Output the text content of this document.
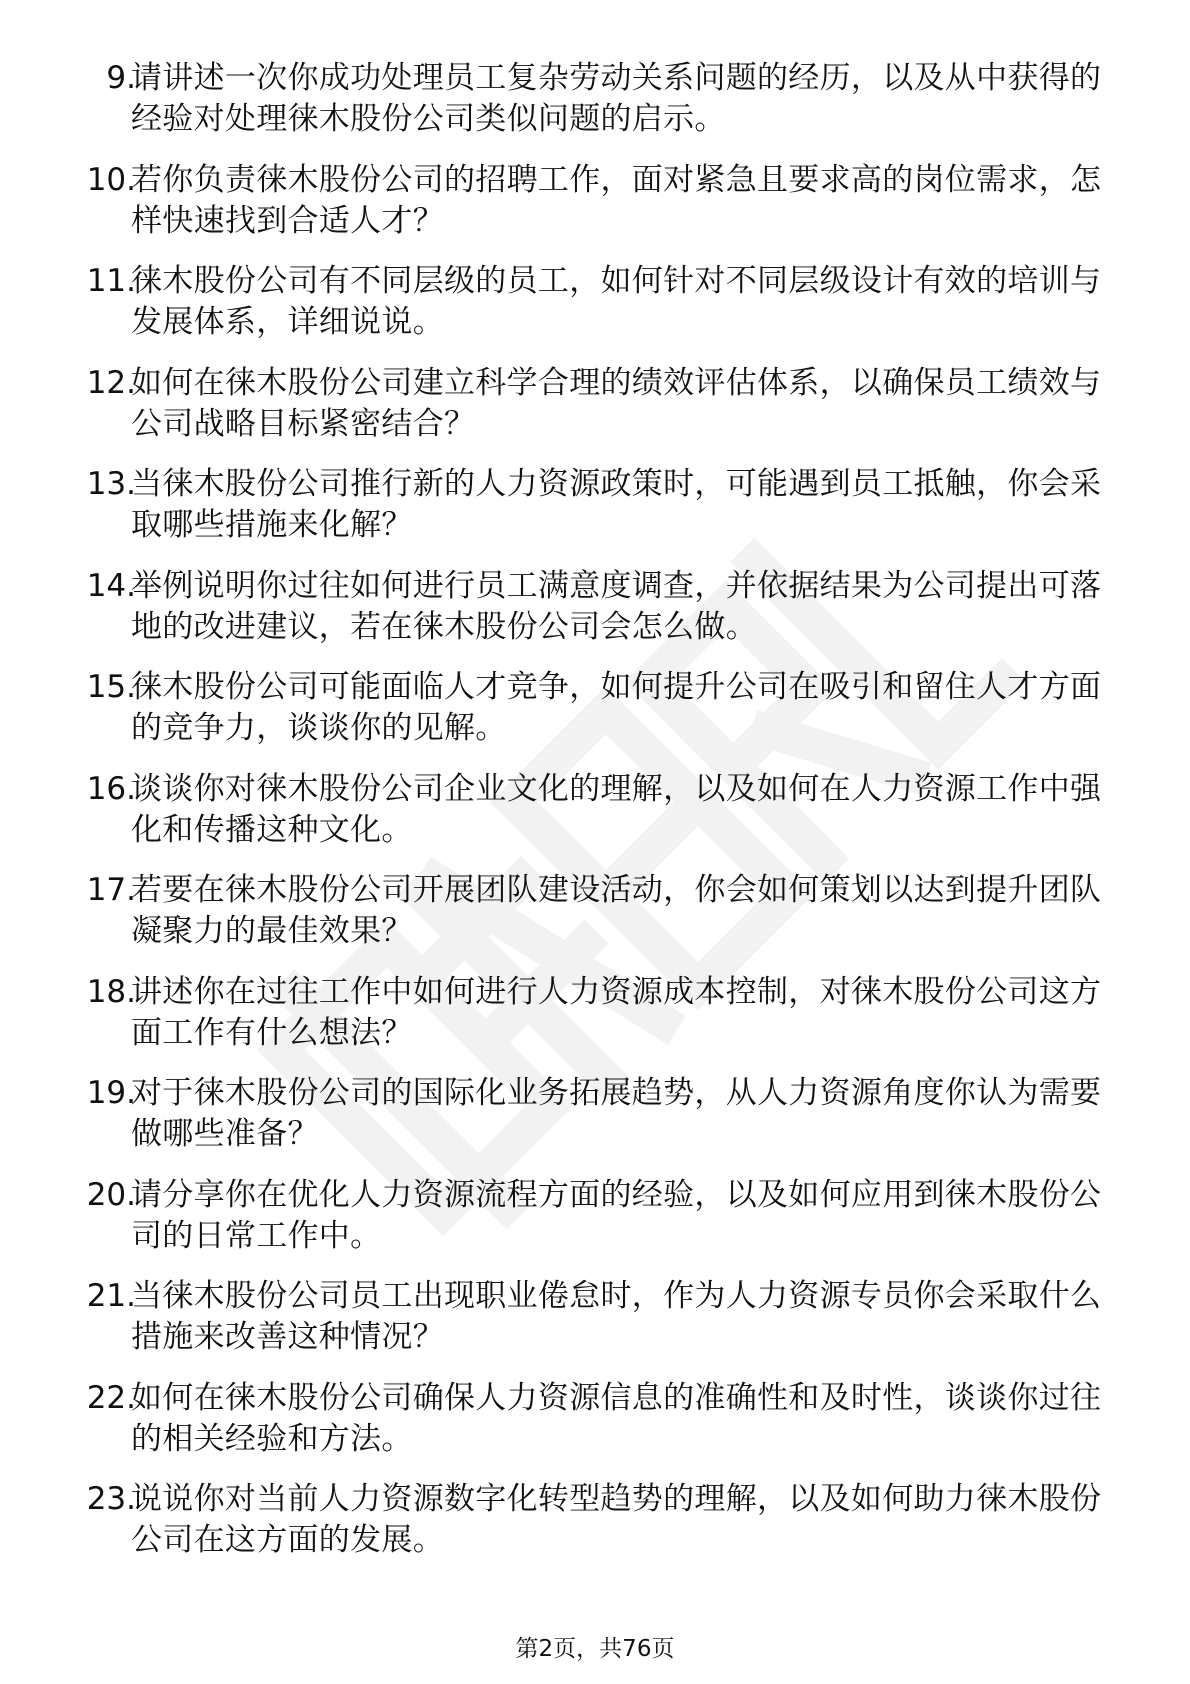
9.
请讲述一次你成功处理员工复杂劳动关系问题的经历，以及从中获得的经验对处理徕木股份公司类似问题的启示。
10.
若你负责徕木股份公司的招聘工作，面对紧急且要求高的岗位需求，怎样快速找到合适人才？
11.
徕木股份公司有不同层级的员工，如何针对不同层级设计有效的培训与发展体系，详细说说。
12.
如何在徕木股份公司建立科学合理的绩效评估体系，以确保员工绩效与公司战略目标紧密结合？
13.
当徕木股份公司推行新的人力资源政策时，可能遇到员工抵触，你会采取哪些措施来化解？
14.
举例说明你过往如何进行员工满意度调查，并依据结果为公司提出可落地的改进建议，若在徕木股份公司会怎么做。
15.
徕木股份公司可能面临人才竞争，如何提升公司在吸引和留住人才方面的竞争力，谈谈你的见解。
16.
谈谈你对徕木股份公司企业文化的理解，以及如何在人力资源工作中强化和传播这种文化。
17.
若要在徕木股份公司开展团队建设活动，你会如何策划以达到提升团队凝聚力的最佳效果？
18.
讲述你在过往工作中如何进行人力资源成本控制，对徕木股份公司这方面工作有什么想法？
19.
对于徕木股份公司的国际化业务拓展趋势，从人力资源角度你认为需要做哪些准备？
20.
请分享你在优化人力资源流程方面的经验，以及如何应用到徕木股份公司的日常工作中。
21.
当徕木股份公司员工出现职业倦怠时，作为人力资源专员你会采取什么措施来改善这种情况？
22.
如何在徕木股份公司确保人力资源信息的准确性和及时性，谈谈你过往的相关经验和方法。
23.
说说你对当前人力资源数字化转型趋势的理解，以及如何助力徕木股份公司在这方面的发展。
第2页，共76页
